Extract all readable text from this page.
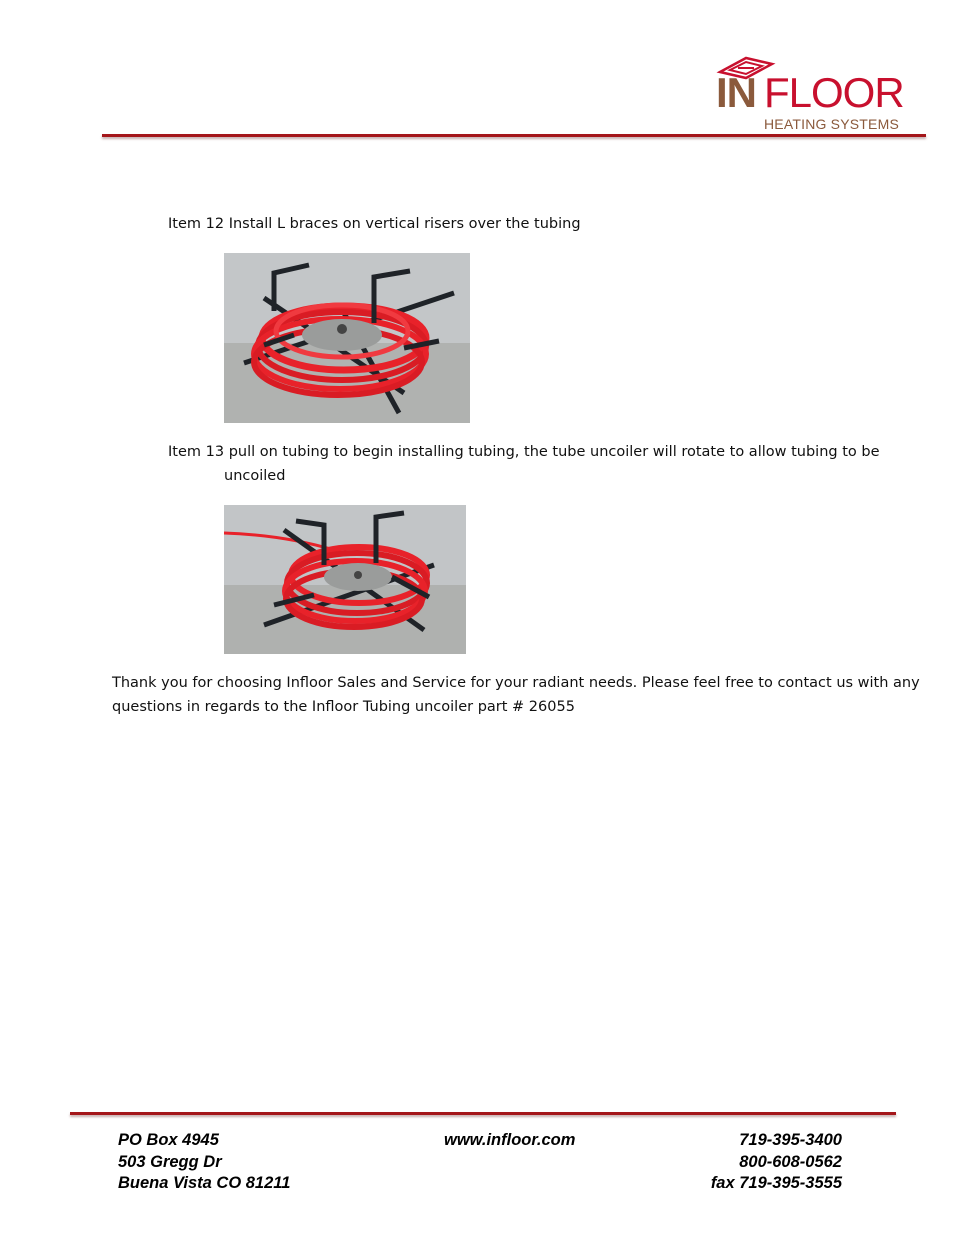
IN FLOOR
HEATING SYSTEMS
Item 12 Install L braces on vertical risers over the tubing
Item 13 pull on tubing to begin installing tubing, the tube uncoiler will rotate to allow tubing to be
uncoiled
Thank you for choosing Infloor Sales and Service for your radiant needs. Please feel free to contact us with any
questions in regards to the Infloor Tubing uncoiler part # 26055
PO Box 4945
503 Gregg Dr
Buena Vista CO 81211
www.infloor.com	719-395-3400
800-608-0562
fax 719-395-3555
